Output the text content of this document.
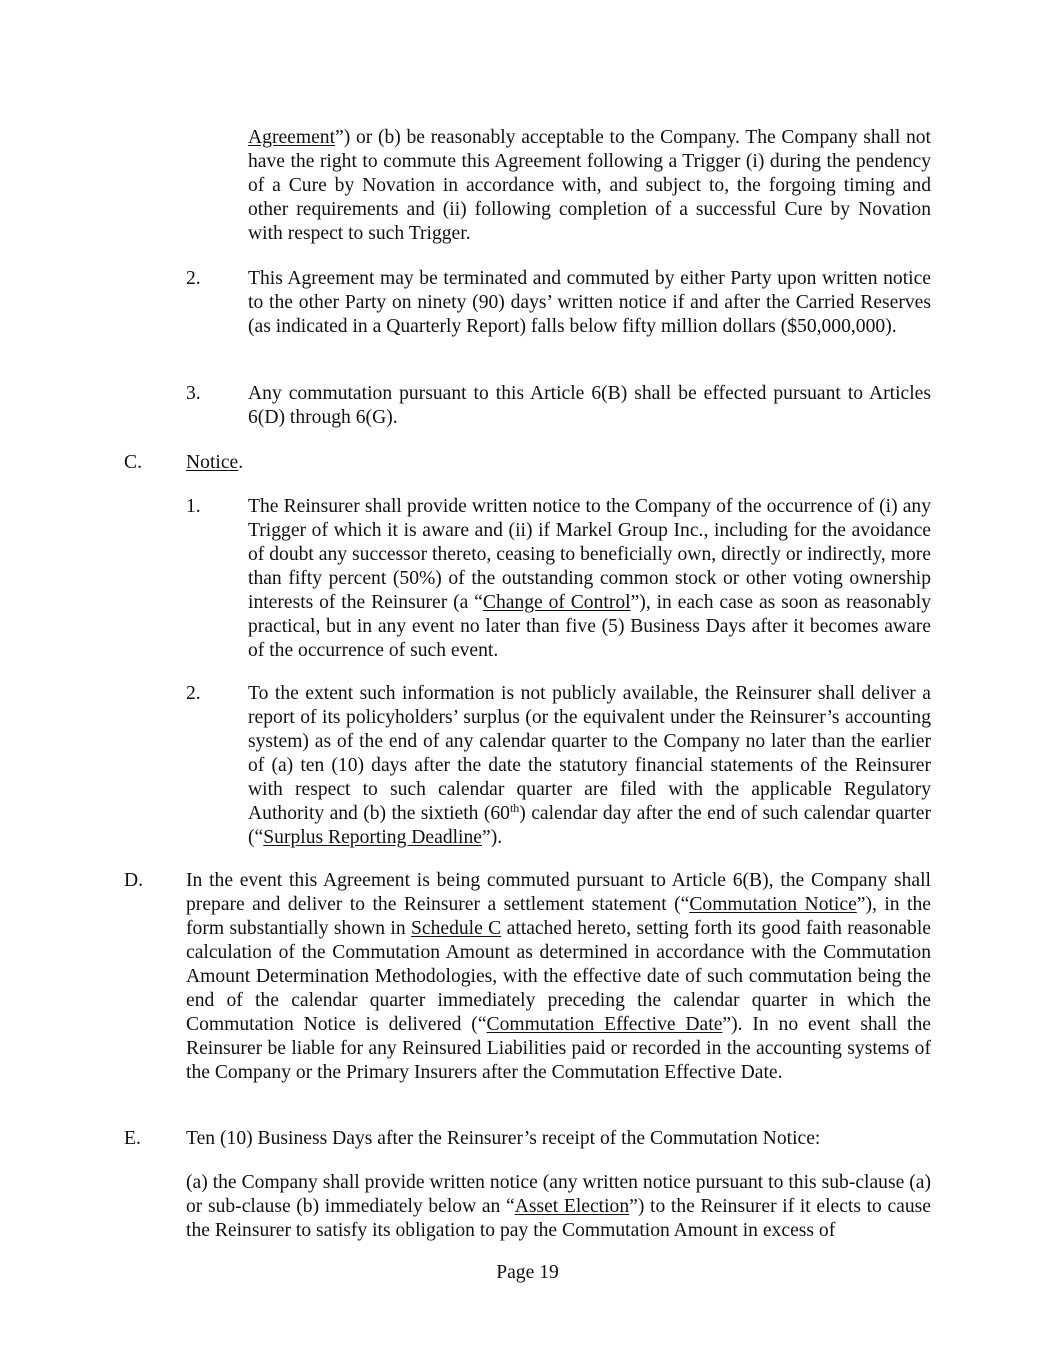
Agreement”) or (b) be reasonably acceptable to the Company. The Company shall not have the right to commute this Agreement following a Trigger (i) during the pendency of a Cure by Novation in accordance with, and subject to, the forgoing timing and other requirements and (ii) following completion of a successful Cure by Novation with respect to such Trigger.
2. This Agreement may be terminated and commuted by either Party upon written notice to the other Party on ninety (90) days’ written notice if and after the Carried Reserves (as indicated in a Quarterly Report) falls below fifty million dollars ($50,000,000).
3. Any commutation pursuant to this Article 6(B) shall be effected pursuant to Articles 6(D) through 6(G).
C. Notice.
1. The Reinsurer shall provide written notice to the Company of the occurrence of (i) any Trigger of which it is aware and (ii) if Markel Group Inc., including for the avoidance of doubt any successor thereto, ceasing to beneficially own, directly or indirectly, more than fifty percent (50%) of the outstanding common stock or other voting ownership interests of the Reinsurer (a “Change of Control”), in each case as soon as reasonably practical, but in any event no later than five (5) Business Days after it becomes aware of the occurrence of such event.
2. To the extent such information is not publicly available, the Reinsurer shall deliver a report of its policyholders’ surplus (or the equivalent under the Reinsurer’s accounting system) as of the end of any calendar quarter to the Company no later than the earlier of (a) ten (10) days after the date the statutory financial statements of the Reinsurer with respect to such calendar quarter are filed with the applicable Regulatory Authority and (b) the sixtieth (60th) calendar day after the end of such calendar quarter (“Surplus Reporting Deadline”).
D. In the event this Agreement is being commuted pursuant to Article 6(B), the Company shall prepare and deliver to the Reinsurer a settlement statement (“Commutation Notice”), in the form substantially shown in Schedule C attached hereto, setting forth its good faith reasonable calculation of the Commutation Amount as determined in accordance with the Commutation Amount Determination Methodologies, with the effective date of such commutation being the end of the calendar quarter immediately preceding the calendar quarter in which the Commutation Notice is delivered (“Commutation Effective Date”). In no event shall the Reinsurer be liable for any Reinsured Liabilities paid or recorded in the accounting systems of the Company or the Primary Insurers after the Commutation Effective Date.
E. Ten (10) Business Days after the Reinsurer’s receipt of the Commutation Notice:
(a) the Company shall provide written notice (any written notice pursuant to this sub-clause (a) or sub-clause (b) immediately below an “Asset Election”) to the Reinsurer if it elects to cause the Reinsurer to satisfy its obligation to pay the Commutation Amount in excess of
Page 19
